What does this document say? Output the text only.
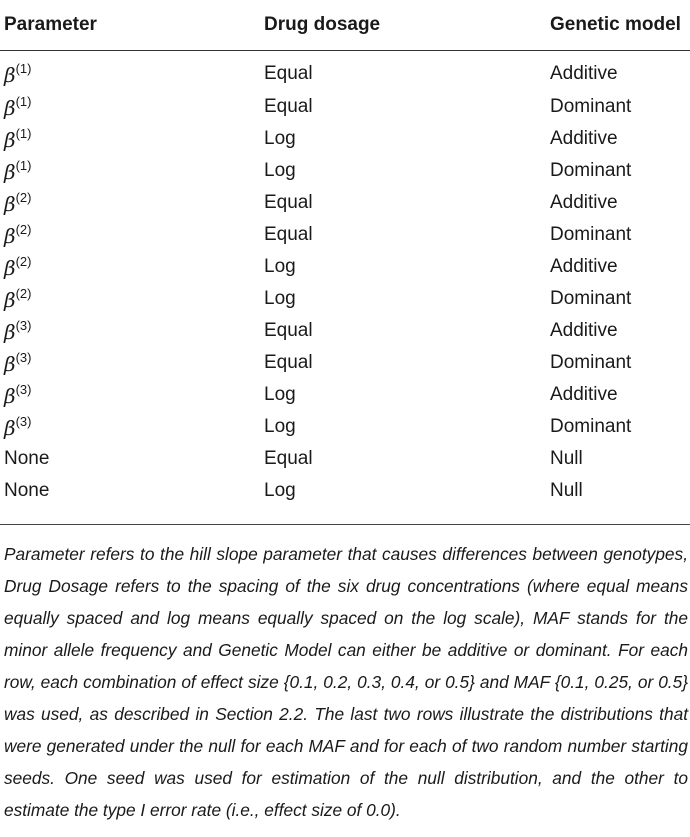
Parameter	Drug dosage	Genetic model
$\beta^{(1)}$	Equal	Additive
$\beta^{(1)}$	Equal	Dominant
$\beta^{(1)}$	Log	Additive
$\beta^{(1)}$	Log	Dominant
$\beta^{(2)}$	Equal	Additive
$\beta^{(2)}$	Equal	Dominant
$\beta^{(2)}$	Log	Additive
$\beta^{(2)}$	Log	Dominant
$\beta^{(3)}$	Equal	Additive
$\beta^{(3)}$	Equal	Dominant
$\beta^{(3)}$	Log	Additive
$\beta^{(3)}$	Log	Dominant
None	Equal	Null
None	Log	Null

Parameter refers to the hill slope parameter that causes differences between genotypes, Drug Dosage refers to the spacing of the six drug concentrations (where equal means equally spaced and log means equally spaced on the log scale), MAF stands for the minor allele frequency and Genetic Model can either be additive or dominant. For each row, each combination of effect size {0.1, 0.2, 0.3, 0.4, or 0.5} and MAF {0.1, 0.25, or 0.5} was used, as described in Section 2.2. The last two rows illustrate the distributions that were generated under the null for each MAF and for each of two random number starting seeds. One seed was used for estimation of the null distribution, and the other to estimate the type I error rate (i.e., effect size of 0.0).
